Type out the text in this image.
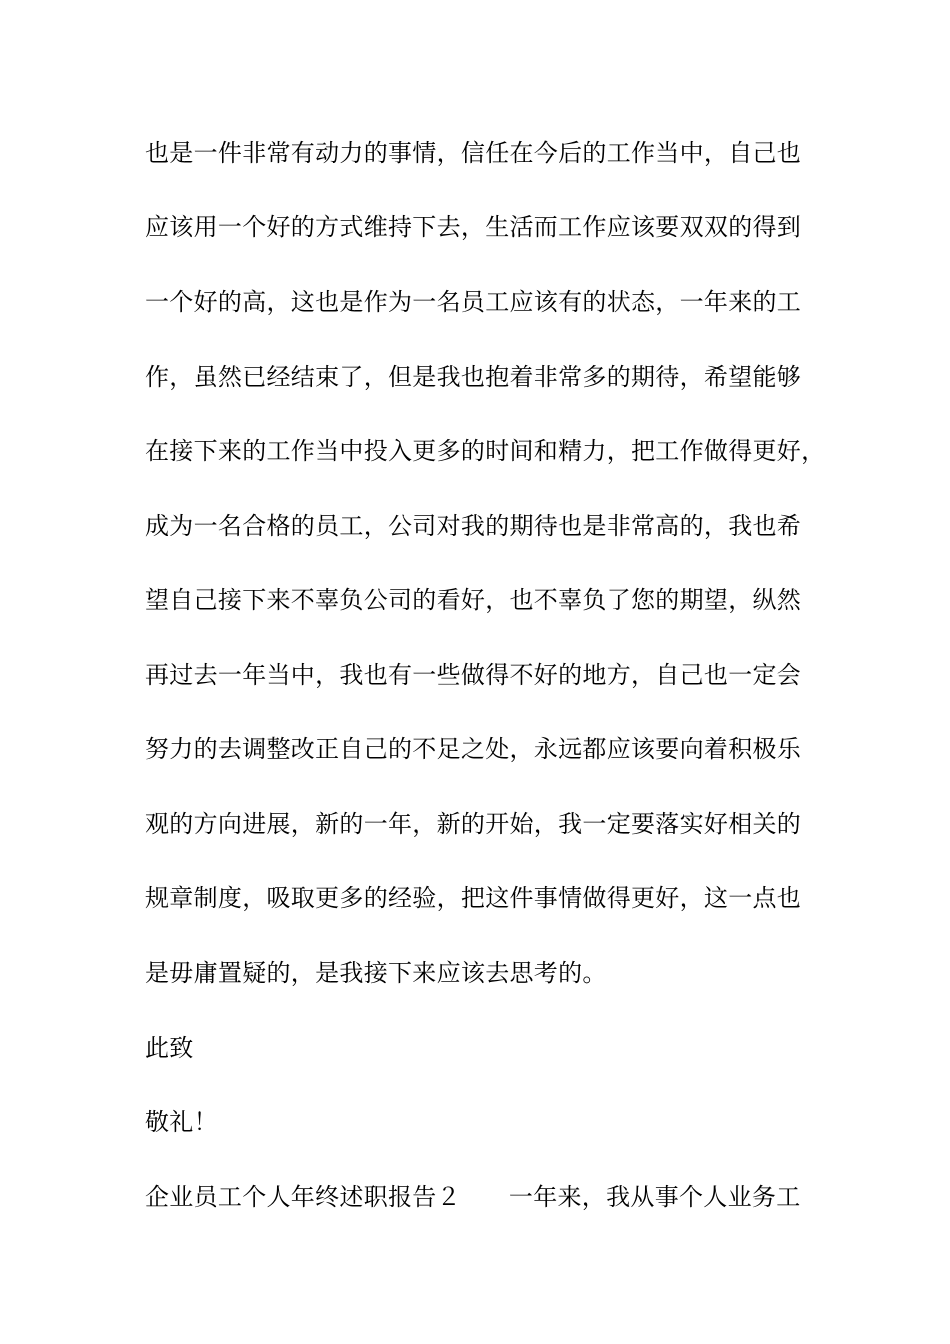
也是一件非常有动力的事情，信任在今后的工作当中，自己也
应该用一个好的方式维持下去，生活而工作应该要双双的得到
一个好的高，这也是作为一名员工应该有的状态，一年来的工
作，虽然已经结束了，但是我也抱着非常多的期待，希望能够
在接下来的工作当中投入更多的时间和精力，把工作做得更好，
成为一名合格的员工，公司对我的期待也是非常高的，我也希
望自己接下来不辜负公司的看好，也不辜负了您的期望，纵然
再过去一年当中，我也有一些做得不好的地方，自己也一定会
努力的去调整改正自己的不足之处，永远都应该要向着积极乐
观的方向进展，新的一年，新的开始，我一定要落实好相关的
规章制度，吸取更多的经验，把这件事情做得更好，这一点也
是毋庸置疑的，是我接下来应该去思考的。
此致
敬礼！
企业员工个人年终述职报告２ 一年来，我从事个人业务工
